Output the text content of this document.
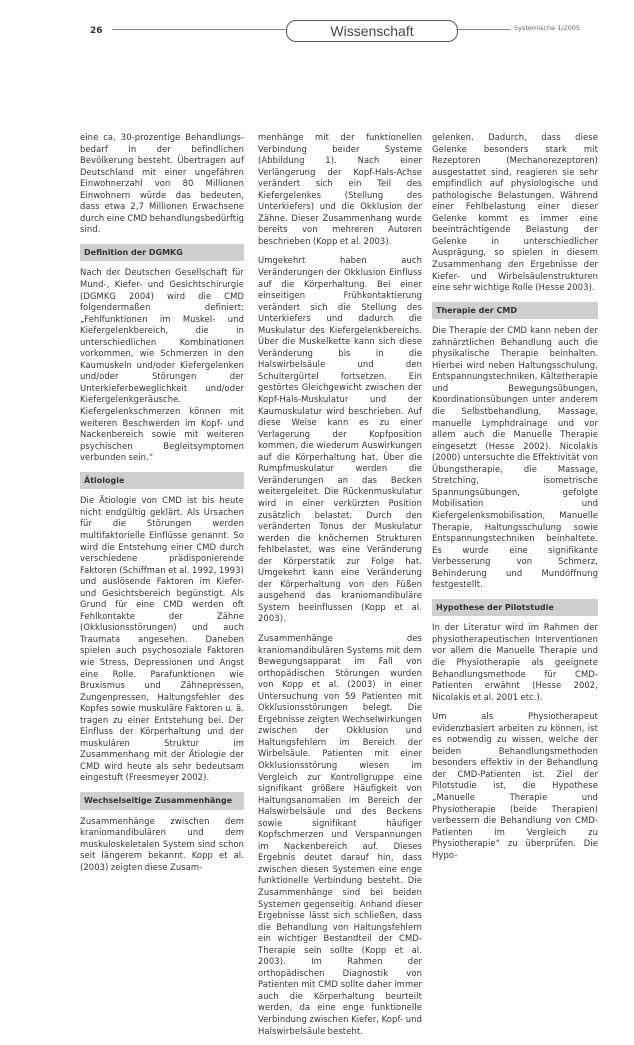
26	Wissenschaft	Systemische 1/2005

eine ca. 30-prozentige Behandlungsbedarf in der befindlichen Bevölkerung besteht. Übertragen auf Deutschland mit einer ungefähren Einwohnerzahl von 80 Millionen Einwohnern würde das bedeuten, dass etwa 2,7 Millionen Erwachsene durch eine CMD behandlungsbedürftig sind.

Definition der DGMKG

Nach der Deutschen Gesellschaft für Mund-, Kiefer- und Gesichtschirurgie (DGMKG 2004) wird die CMD folgendermaßen definiert: „Fehlfunktionen im Muskel- und Kiefergelenkbereich, die in unterschiedlichen Kombinationen vorkommen, wie Schmerzen in den Kaumuskeln und/oder Kiefergelenken und/oder Störungen der Unterkieferbeweglichkeit und/oder Kiefergelenkgeräusche. Kiefergelenkschmerzen können mit weiteren Beschwerden im Kopf- und Nackenbereich sowie mit weiteren psychischen Begleitsymptomen verbunden sein.“

Ätiologie

Die Ätiologie von CMD ist bis heute nicht endgültig geklärt. Als Ursachen für die Störungen werden multifaktorielle Einflüsse genannt. So wird die Entstehung einer CMD durch verschiedene prädisponierende Faktoren (Schiffman et al. 1992, 1993) und auslösende Faktoren im Kiefer- und Gesichtsbereich begünstigt. Als Grund für eine CMD werden oft Fehlkontakte der Zähne (Okklusionsstörungen) und auch Traumata angesehen. Daneben spielen auch psychosoziale Faktoren wie Stress, Depressionen und Angst eine Rolle. Parafunktionen wie Bruxismus und Zähnepressen, Zungenpressen, Haltungsfehler des Kopfes sowie muskuläre Faktoren u. ä. tragen zu einer Entstehung bei. Der Einfluss der Körperhaltung und der muskulären Struktur im Zusammenhang mit der Ätiologie der CMD wird heute als sehr bedeutsam eingestuft (Freesmeyer 2002).

Wechselseitige Zusammenhänge

Zusammenhänge zwischen dem kraniomandibulären und dem muskuloskeletalen System sind schon seit längerem bekannt. Kopp et al. (2003) zeigten diese Zusam-

menhänge mit der funktionellen Verbindung beider Systeme (Abbildung 1). Nach einer Verlängerung der Kopf-Hals-Achse verändert sich ein Teil des Kiefergelenkes (Stellung des Unterkiefers) und die Okklusion der Zähne. Dieser Zusammenhang wurde bereits von mehreren Autoren beschrieben (Kopp et al. 2003).

Umgekehrt haben auch Veränderungen der Okklusion Einfluss auf die Körperhaltung. Bei einer einseitigen Frühkontaktierung verändert sich die Stellung des Unterkiefers und dadurch die Muskulatur des Kiefergelenkbereichs. Über die Muskelkette kann sich diese Veränderung bis in die Halswirbelsäule und den Schultergürtel fortsetzen. Ein gestörtes Gleichgewicht zwischen der Kopf-Hals-Muskulatur und der Kaumuskulatur wird beschrieben. Auf diese Weise kann es zu einer Verlagerung der Kopfposition kommen, die wiederum Auswirkungen auf die Körperhaltung hat. Über die Rumpfmuskulatur werden die Veränderungen an das Becken weitergeleitet. Die Rückenmuskulatur wird in einer verkürzten Position zusätzlich belastet. Durch den veränderten Tonus der Muskulatur werden die knöchernen Strukturen fehlbelastet, was eine Veränderung der Körperstatik zur Folge hat. Umgekehrt kann eine Veränderung der Körperhaltung von den Füßen ausgehend das kraniomandibuläre System beeinflussen (Kopp et al. 2003).

Zusammenhänge des kraniomandibulären Systems mit dem Bewegungsapparat im Fall von orthopädischen Störungen wurden von Kopp et al. (2003) in einer Untersuchung von 59 Patienten mit Okklusionsstörungen belegt. Die Ergebnisse zeigten Wechselwirkungen zwischen der Okklusion und Haltungsfehlern im Bereich der Wirbelsäule. Patienten mit einer Okklusionsstörung wiesen im Vergleich zur Kontrollgruppe eine signifikant größere Häufigkeit von Haltungsanomalien im Bereich der Halswirbelsäule und des Beckens sowie signifikant häufiger Kopfschmerzen und Verspannungen im Nackenbereich auf. Dieses Ergebnis deutet darauf hin, dass zwischen diesen Systemen eine enge funktionelle Verbindung besteht. Die Zusammenhänge sind bei beiden Systemen gegenseitig. Anhand dieser Ergebnisse lässt sich schließen, dass die Behandlung von Haltungsfehlern ein wichtiger Bestandteil der CMD-Therapie sein sollte (Kopp et al. 2003). Im Rahmen der orthopädischen Diagnostik von Patienten mit CMD sollte daher immer auch die Körperhaltung beurteilt werden, da eine enge funktionelle Verbindung zwischen Kiefer, Kopf- und Halswirbelsäule besteht.

gelenken. Dadurch, dass diese Gelenke besonders stark mit Rezeptoren (Mechanorezeptoren) ausgestattet sind, reagieren sie sehr empfindlich auf physiologische und pathologische Belastungen. Während einer Fehlbelastung einer dieser Gelenke kommt es immer eine beeinträchtigende Belastung der Gelenke in unterschiedlicher Ausprägung, so spielen in diesem Zusammenhang den Ergebnisse der Kiefer- und Wirbelsäulenstrukturen eine sehr wichtige Rolle (Hesse 2003).

Therapie der CMD

Die Therapie der CMD kann neben der zahnärztlichen Behandlung auch die physikalische Therapie beinhalten. Hierbei wird neben Haltungsschulung, Entspannungstechniken, Kältetherapie und Bewegungsübungen, Koordinationsübungen unter anderem die Selbstbehandlung, Massage, manuelle Lymphdrainage und vor allem auch die Manuelle Therapie eingesetzt (Hesse 2002). Nicolakis (2000) untersuchte die Effektivität von Übungstherapie, die Massage, Stretching, isometrische Spannungsübungen, gefolgte Mobilisation und Kiefergelenksmobilisation, Manuelle Therapie, Haltungsschulung sowie Entspannungstechniken beinhaltete. Es wurde eine signifikante Verbesserung von Schmerz, Behinderung und Mundöffnung festgestellt.

Hypothese der Pilotstudie

In der Literatur wird im Rahmen der physiotherapeutischen Interventionen vor allem die Manuelle Therapie und die Physiotherapie als geeignete Behandlungsmethode für CMD-Patienten erwähnt (Hesse 2002, Nicolakis et al. 2001 etc.).

Um als Physiotherapeut evidenzbasiert arbeiten zu können, ist es notwendig zu wissen, welche der beiden Behandlungsmethoden besonders effektiv in der Behandlung der CMD-Patienten ist. Ziel der Pilotstudie ist, die Hypothese „Manuelle Therapie und Physiotherapie (beide Therapien) verbessern die Behandlung von CMD-Patienten im Vergleich zu Physiotherapie“ zu überprüfen. Die Hypo-
